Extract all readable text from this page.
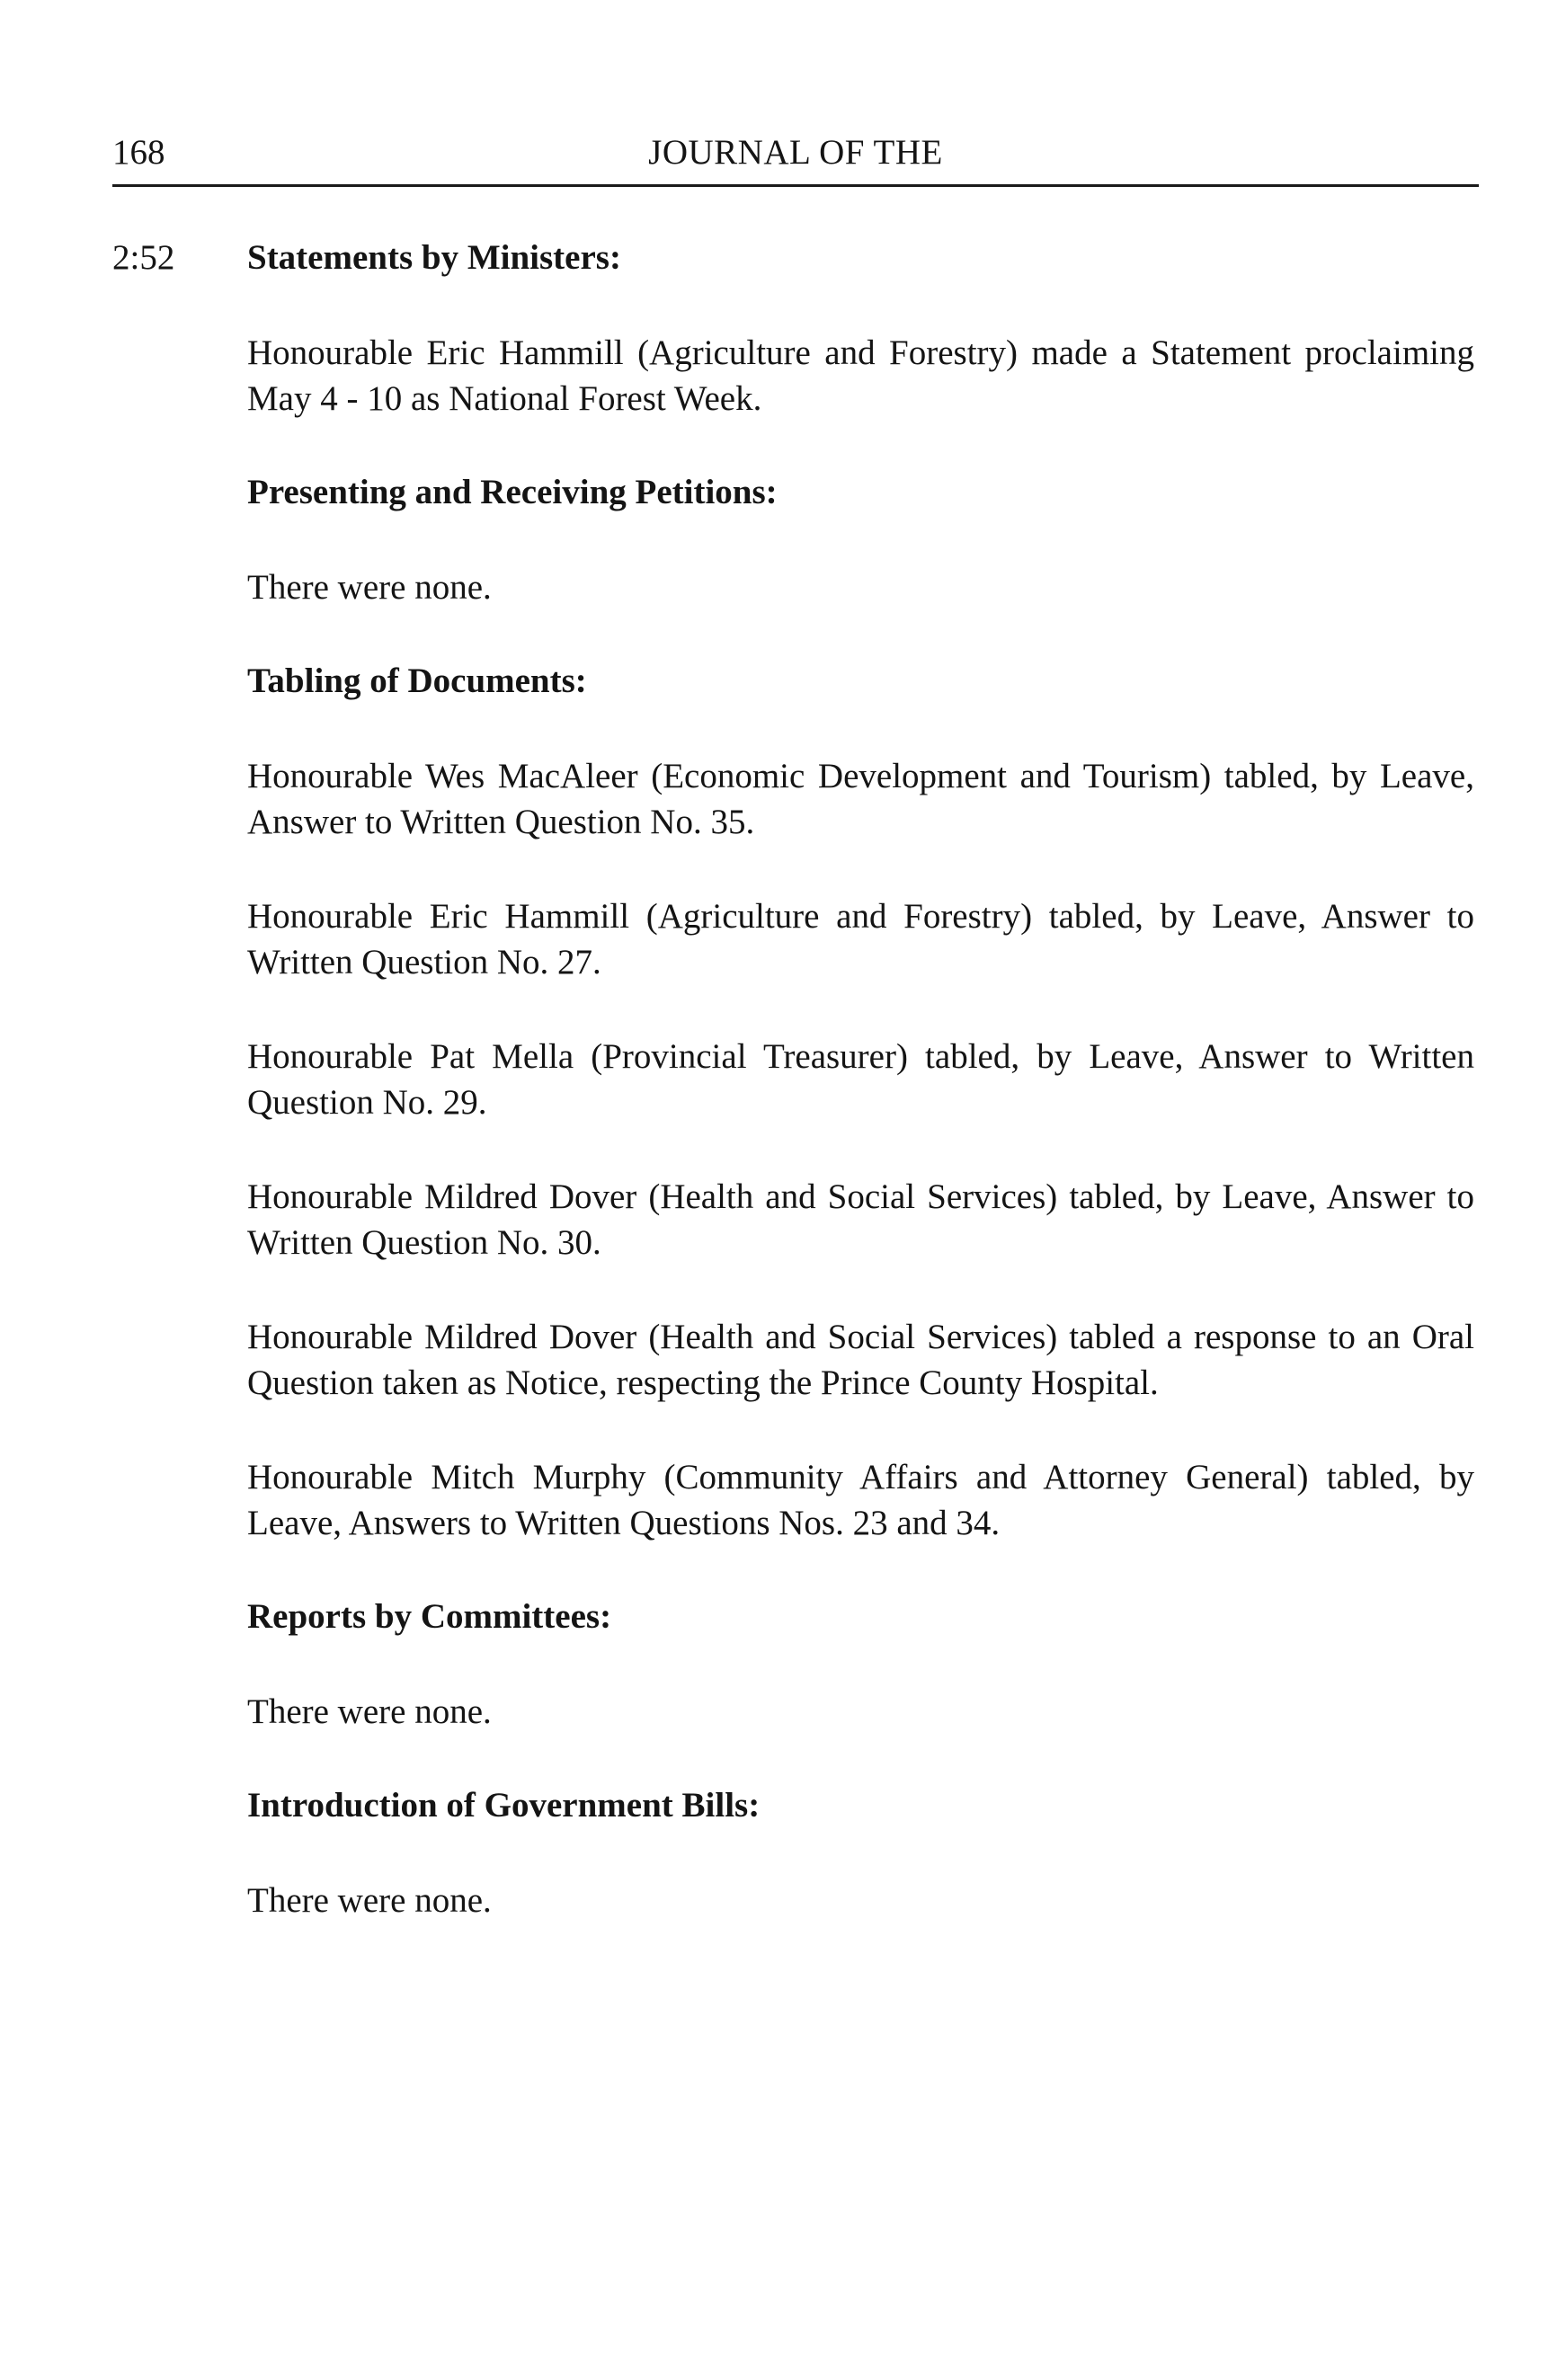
168	JOURNAL OF THE
2:52 Statements by Ministers:

Honourable Eric Hammill (Agriculture and Forestry) made a Statement proclaiming May 4 - 10 as National Forest Week.

Presenting and Receiving Petitions:

There were none.

Tabling of Documents:

Honourable Wes MacAleer (Economic Development and Tourism) tabled, by Leave, Answer to Written Question No. 35.

Honourable Eric Hammill (Agriculture and Forestry) tabled, by Leave, Answer to Written Question No. 27.

Honourable Pat Mella (Provincial Treasurer) tabled, by Leave, Answer to Written Question No. 29.

Honourable Mildred Dover (Health and Social Services) tabled, by Leave, Answer to Written Question No. 30.

Honourable Mildred Dover (Health and Social Services) tabled a response to an Oral Question taken as Notice, respecting the Prince County Hospital.

Honourable Mitch Murphy (Community Affairs and Attorney General) tabled, by Leave, Answers to Written Questions Nos. 23 and 34.

Reports by Committees:

There were none.

Introduction of Government Bills:

There were none.
